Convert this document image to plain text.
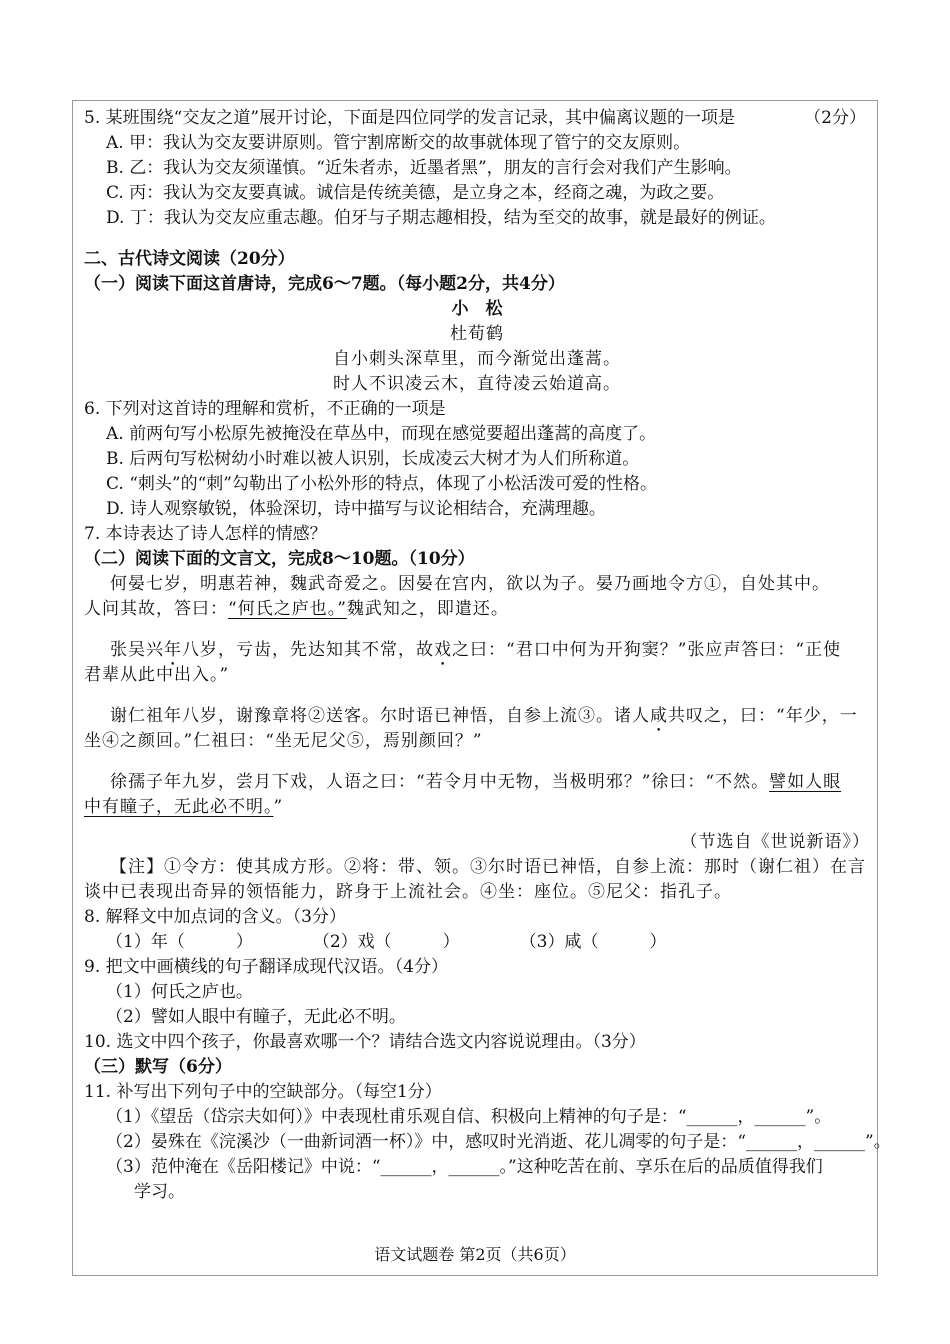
5. 某班围绕“交友之道”展开讨论，下面是四位同学的发言记录，其中偏离议题的一项是	（2分）
A. 甲：我认为交友要讲原则。管宁割席断交的故事就体现了管宁的交友原则。
B. 乙：我认为交友须谨慎。“近朱者赤，近墨者黑”，朋友的言行会对我们产生影响。
C. 丙：我认为交友要真诚。诚信是传统美德，是立身之本，经商之魂，为政之要。
D. 丁：我认为交友应重志趣。伯牙与子期志趣相投，结为至交的故事，就是最好的例证。
二、古代诗文阅读（20分）
（一）阅读下面这首唐诗，完成6～7题。（每小题2分，共4分）
小　松
杜荀鹤
自小刺头深草里，而今渐觉出蓬蒿。
时人不识凌云木，直待凌云始道高。
6. 下列对这首诗的理解和赏析，不正确的一项是
A. 前两句写小松原先被掩没在草丛中，而现在感觉要超出蓬蒿的高度了。
B. 后两句写松树幼小时难以被人识别，长成凌云大树才为人们所称道。
C. “刺头”的“刺”勾勒出了小松外形的特点，体现了小松活泼可爱的性格。
D. 诗人观察敏锐，体验深切，诗中描写与议论相结合，充满理趣。
7. 本诗表达了诗人怎样的情感？
（二）阅读下面的文言文，完成8～10题。（10分）
何晏七岁，明惠若神，魏武奇爱之。因晏在宫内，欲以为子。晏乃画地令方①，自处其中。
人问其故，答曰：“何氏之庐也。”魏武知之，即遣还。
张吴兴年八岁，亏齿，先达知其不常，故戏之曰：“君口中何为开狗窦？”张应声答曰：“正使
君辈从此中出入。”
谢仁祖年八岁，谢豫章将②送客。尔时语已神悟，自参上流③。诸人咸共叹之，曰：“年少，一
坐④之颜回。”仁祖曰：“坐无尼父⑤，焉别颜回？”
徐孺子年九岁，尝月下戏，人语之曰：“若令月中无物，当极明邪？”徐曰：“不然。譬如人眼
中有瞳子，无此必不明。”
（节选自《世说新语》）
【注】①令方：使其成方形。②将：带、领。③尔时语已神悟，自参上流：那时（谢仁祖）在言
谈中已表现出奇异的领悟能力，跻身于上流社会。④坐：座位。⑤尼父：指孔子。
8. 解释文中加点词的含义。（3分）
（1）年（　　　）	（2）戏（　　　）	（3）咸（　　　）
9. 把文中画横线的句子翻译成现代汉语。（4分）
（1）何氏之庐也。
（2）譬如人眼中有瞳子，无此必不明。
10. 选文中四个孩子，你最喜欢哪一个？请结合选文内容说说理由。（3分）
（三）默写（6分）
11. 补写出下列句子中的空缺部分。（每空1分）
（1）《望岳（岱宗夫如何）》中表现杜甫乐观自信、积极向上精神的句子是：“______，______”。
（2）晏殊在《浣溪沙（一曲新词酒一杯）》中，感叹时光消逝、花儿凋零的句子是：“______，______”。
（3）范仲淹在《岳阳楼记》中说：“______，______。”这种吃苦在前、享乐在后的品质值得我们
学习。
语文试题卷 第2页（共6页）
